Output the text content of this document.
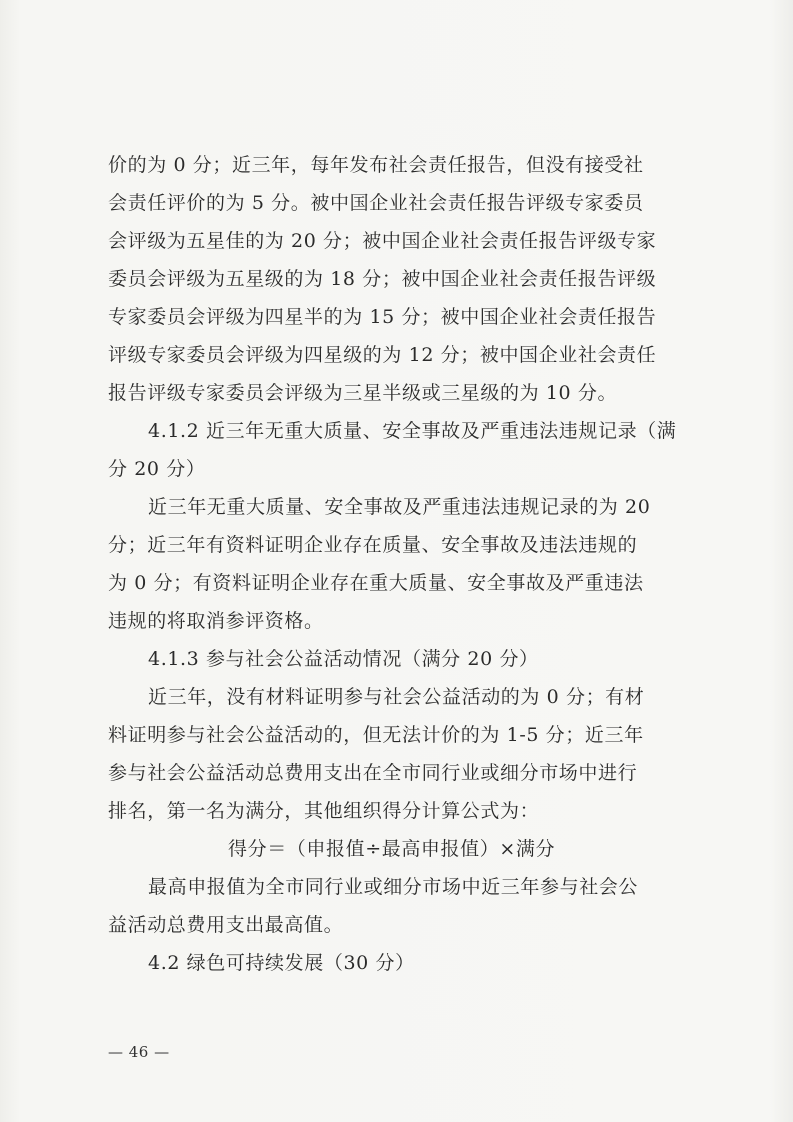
价的为 0 分；近三年，每年发布社会责任报告，但没有接受社
会责任评价的为 5 分。被中国企业社会责任报告评级专家委员
会评级为五星佳的为 20 分；被中国企业社会责任报告评级专家
委员会评级为五星级的为 18 分；被中国企业社会责任报告评级
专家委员会评级为四星半的为 15 分；被中国企业社会责任报告
评级专家委员会评级为四星级的为 12 分；被中国企业社会责任
报告评级专家委员会评级为三星半级或三星级的为 10 分。
4.1.2 近三年无重大质量、安全事故及严重违法违规记录（满
分 20 分）
近三年无重大质量、安全事故及严重违法违规记录的为 20
分；近三年有资料证明企业存在质量、安全事故及违法违规的
为 0 分；有资料证明企业存在重大质量、安全事故及严重违法
违规的将取消参评资格。
4.1.3 参与社会公益活动情况（满分 20 分）
近三年，没有材料证明参与社会公益活动的为 0 分；有材
料证明参与社会公益活动的，但无法计价的为 1-5 分；近三年
参与社会公益活动总费用支出在全市同行业或细分市场中进行
排名，第一名为满分，其他组织得分计算公式为：
得分＝（申报值÷最高申报值）×满分
最高申报值为全市同行业或细分市场中近三年参与社会公
益活动总费用支出最高值。
4.2 绿色可持续发展（30 分）
— 46 —
